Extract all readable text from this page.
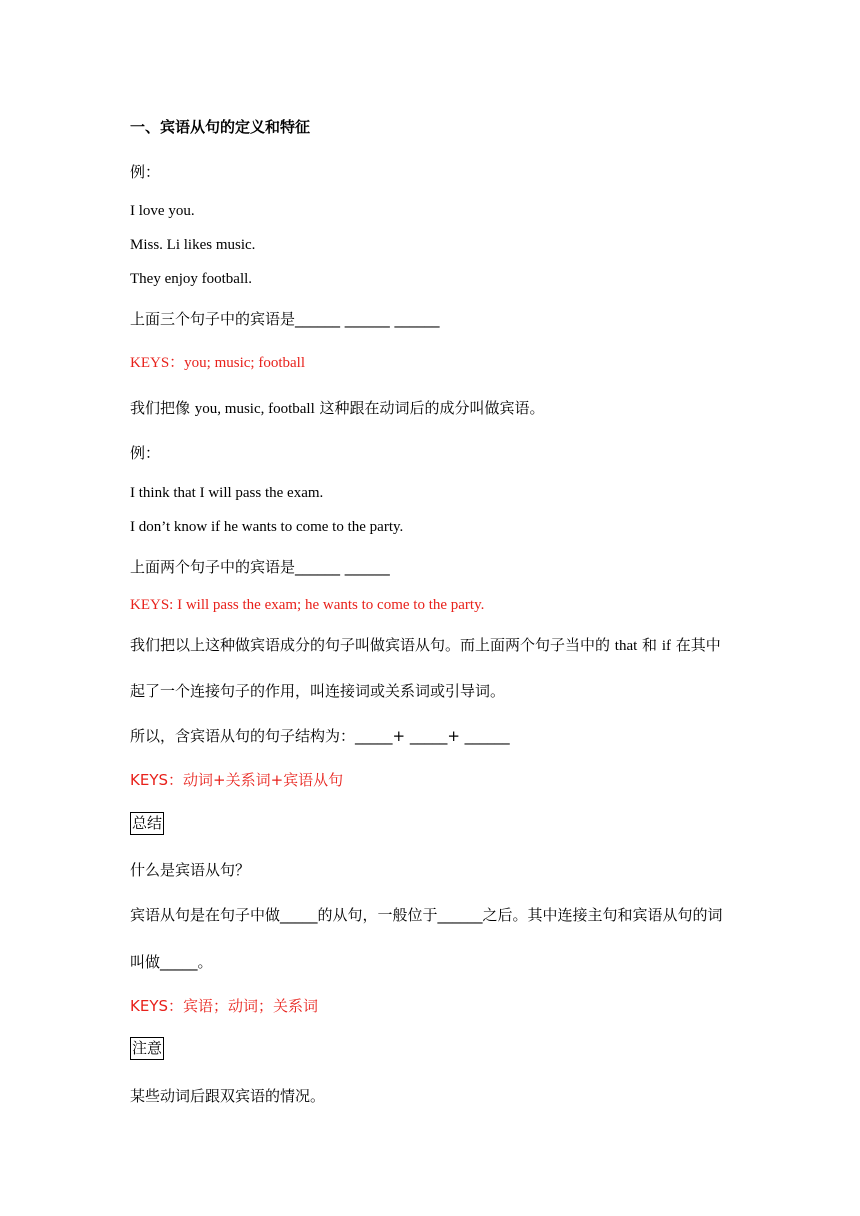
一、宾语从句的定义和特征
例：
I love you.
Miss. Li likes music.
They enjoy football.
上面三个句子中的宾语是______ ______ ______
KEYS：you; music; football
我们把像 you, music, football 这种跟在动词后的成分叫做宾语。
例：
I think that I will pass the exam.
I don’t know if he wants to come to the party.
上面两个句子中的宾语是______ ______
KEYS: I will pass the exam; he wants to come to the party.
我们把以上这种做宾语成分的句子叫做宾语从句。而上面两个句子当中的 that 和 if 在其中
起了一个连接句子的作用，叫连接词或关系词或引导词。
所以，含宾语从句的句子结构为：_____+ _____+ ______
KEYS：动词+关系词+宾语从句
总结
什么是宾语从句？
宾语从句是在句子中做_____的从句，一般位于______之后。其中连接主句和宾语从句的词
叫做_____。
KEYS：宾语；动词；关系词
注意
某些动词后跟双宾语的情况。
